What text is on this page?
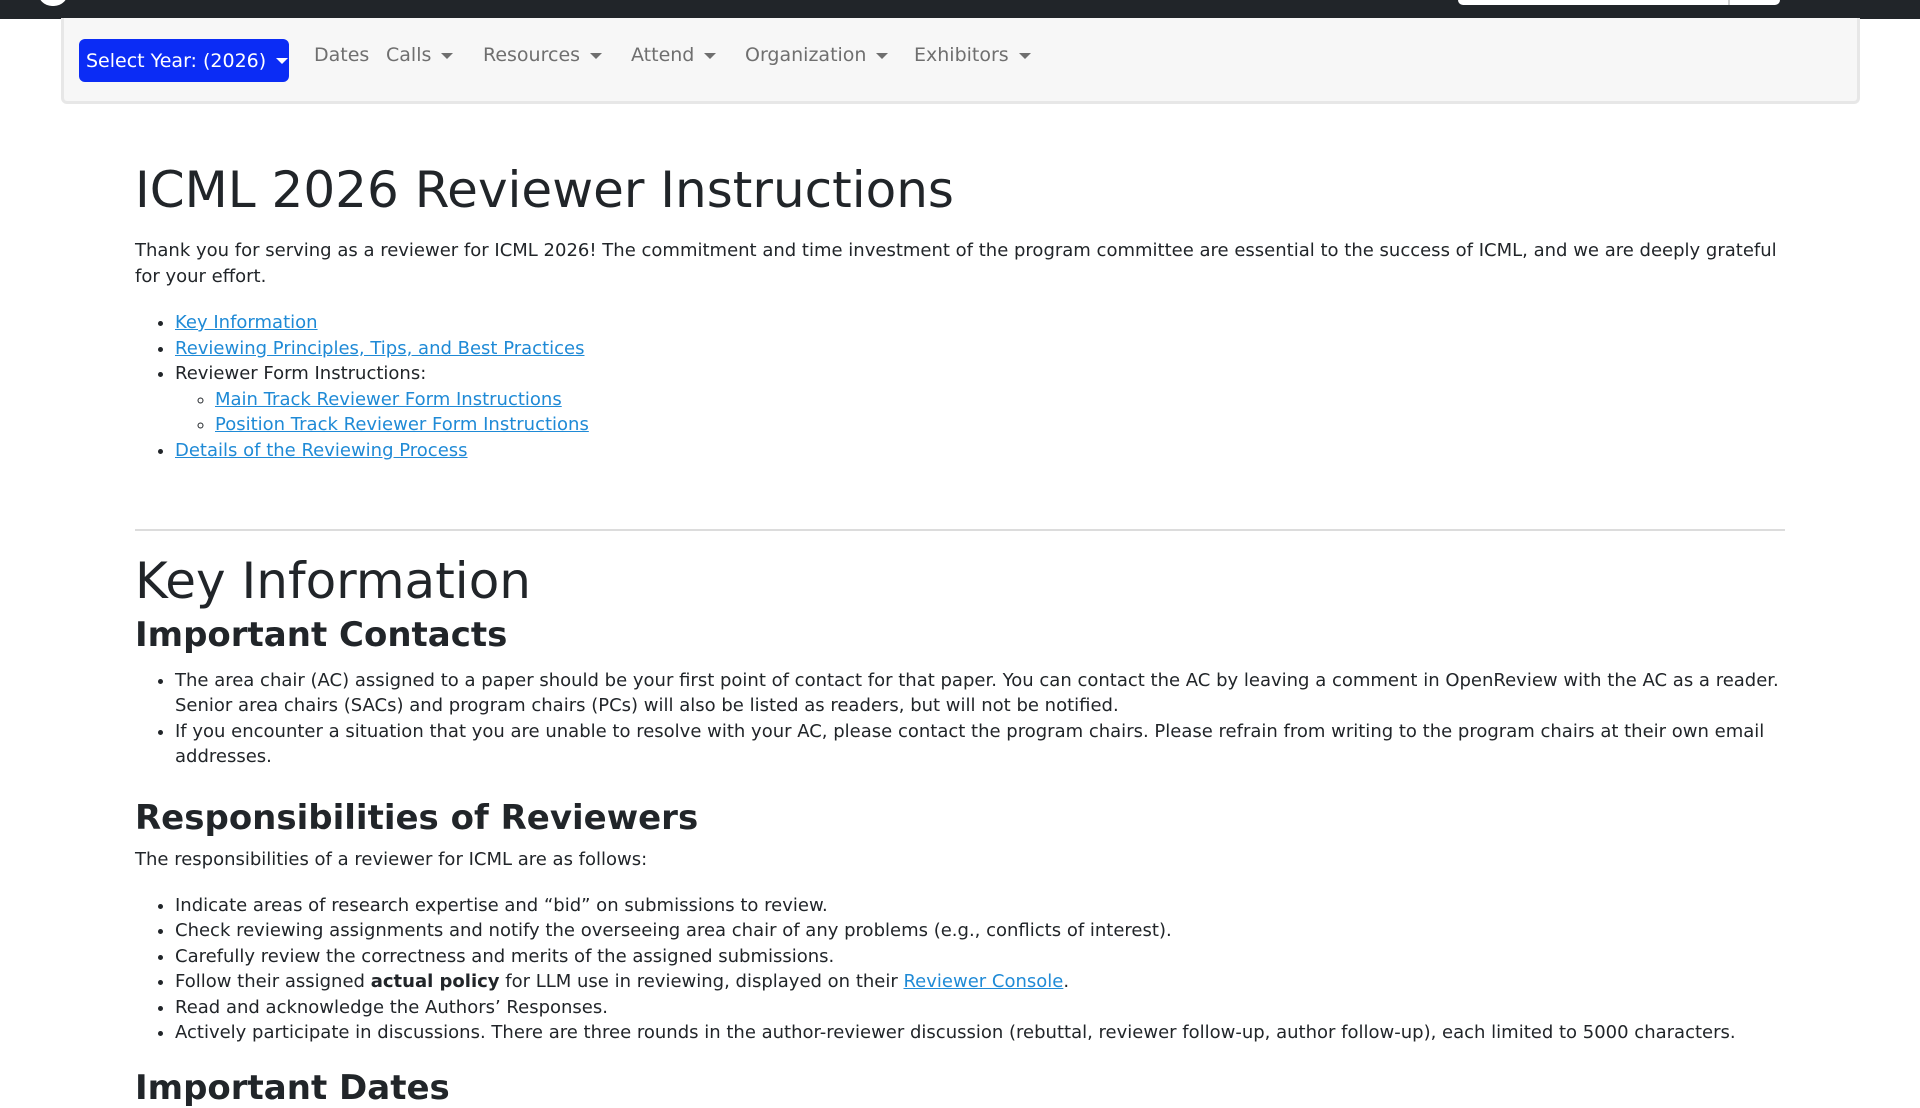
Select Year: (2026)	Dates Calls	Resources	Attend	Organization	Exhibitors
ICML 2026 Reviewer Instructions

Thank you for serving as a reviewer for ICML 2026! The commitment and time investment of the program committee are essential to the success of ICML, and we are deeply grateful for your effort.

• Key Information
• Reviewing Principles, Tips, and Best Practices
• Reviewer Form Instructions:
◦ Main Track Reviewer Form Instructions
◦ Position Track Reviewer Form Instructions
• Details of the Reviewing Process
Key Information
Important Contacts
• The area chair (AC) assigned to a paper should be your first point of contact for that paper. You can contact the AC by leaving a comment in OpenReview with the AC as a reader. Senior area chairs (SACs) and program chairs (PCs) will also be listed as readers, but will not be notified.
• If you encounter a situation that you are unable to resolve with your AC, please contact the program chairs. Please refrain from writing to the program chairs at their own email addresses.
Responsibilities of Reviewers

The responsibilities of a reviewer for ICML are as follows:

• Indicate areas of research expertise and “bid” on submissions to review.
• Check reviewing assignments and notify the overseeing area chair of any problems (e.g., conflicts of interest).
• Carefully review the correctness and merits of the assigned submissions.
• Follow their assigned actual policy for LLM use in reviewing, displayed on their Reviewer Console.
• Read and acknowledge the Authors’ Responses.
• Actively participate in discussions. There are three rounds in the author-reviewer discussion (rebuttal, reviewer follow-up, author follow-up), each limited to 5000 characters.
Important Dates
